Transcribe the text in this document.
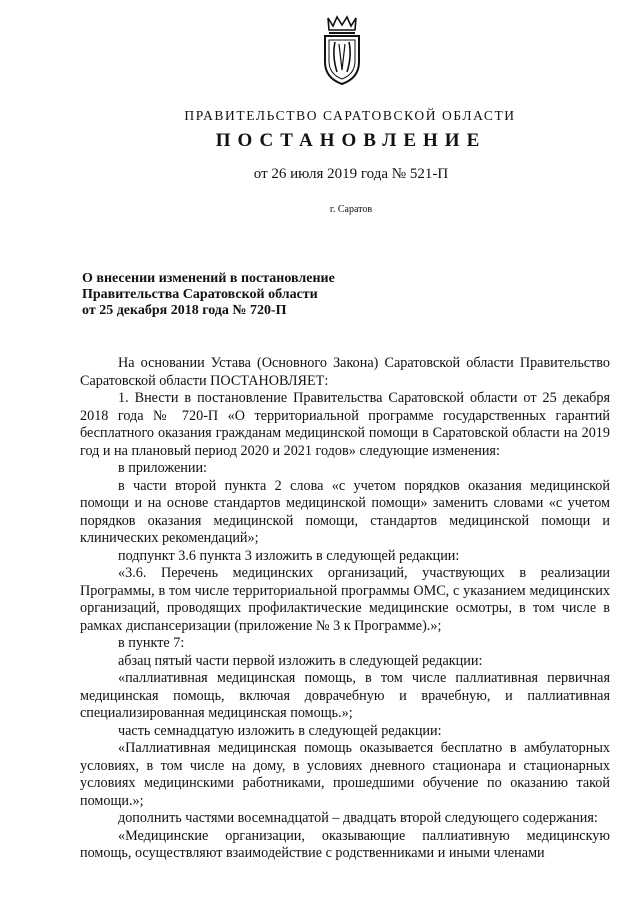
ПРАВИТЕЛЬСТВО САРАТОВСКОЙ ОБЛАСТИ
ПОСТАНОВЛЕНИЕ
от 26 июля 2019 года № 521-П
г. Саратов
О внесении изменений в постановление
Правительства Саратовской области
от 25 декабря 2018 года № 720-П

На основании Устава (Основного Закона) Саратовской области Правительство Саратовской области ПОСТАНОВЛЯЕТ:

1. Внести в постановление Правительства Саратовской области от 25 декабря 2018 года № 720-П «О территориальной программе государственных гарантий бесплатного оказания гражданам медицинской помощи в Саратовской области на 2019 год и на плановый период 2020 и 2021 годов» следующие изменения:

в приложении:

в части второй пункта 2 слова «с учетом порядков оказания медицинской помощи и на основе стандартов медицинской помощи» заменить словами «с учетом порядков оказания медицинской помощи, стандартов медицинской помощи и клинических рекомендаций»;

подпункт 3.6 пункта 3 изложить в следующей редакции:

«3.6. Перечень медицинских организаций, участвующих в реализации Программы, в том числе территориальной программы ОМС, с указанием медицинских организаций, проводящих профилактические медицинские осмотры, в том числе в рамках диспансеризации (приложение № 3 к Программе).»;

в пункте 7:

абзац пятый части первой изложить в следующей редакции:

«паллиативная медицинская помощь, в том числе паллиативная первичная медицинская помощь, включая доврачебную и врачебную, и паллиативная специализированная медицинская помощь.»;

часть семнадцатую изложить в следующей редакции:

«Паллиативная медицинская помощь оказывается бесплатно в амбулаторных условиях, в том числе на дому, в условиях дневного стационара и стационарных условиях медицинскими работниками, прошедшими обучение по оказанию такой помощи.»;

дополнить частями восемнадцатой – двадцать второй следующего содержания:

«Медицинские организации, оказывающие паллиативную медицинскую помощь, осуществляют взаимодействие с родственниками и иными членами
